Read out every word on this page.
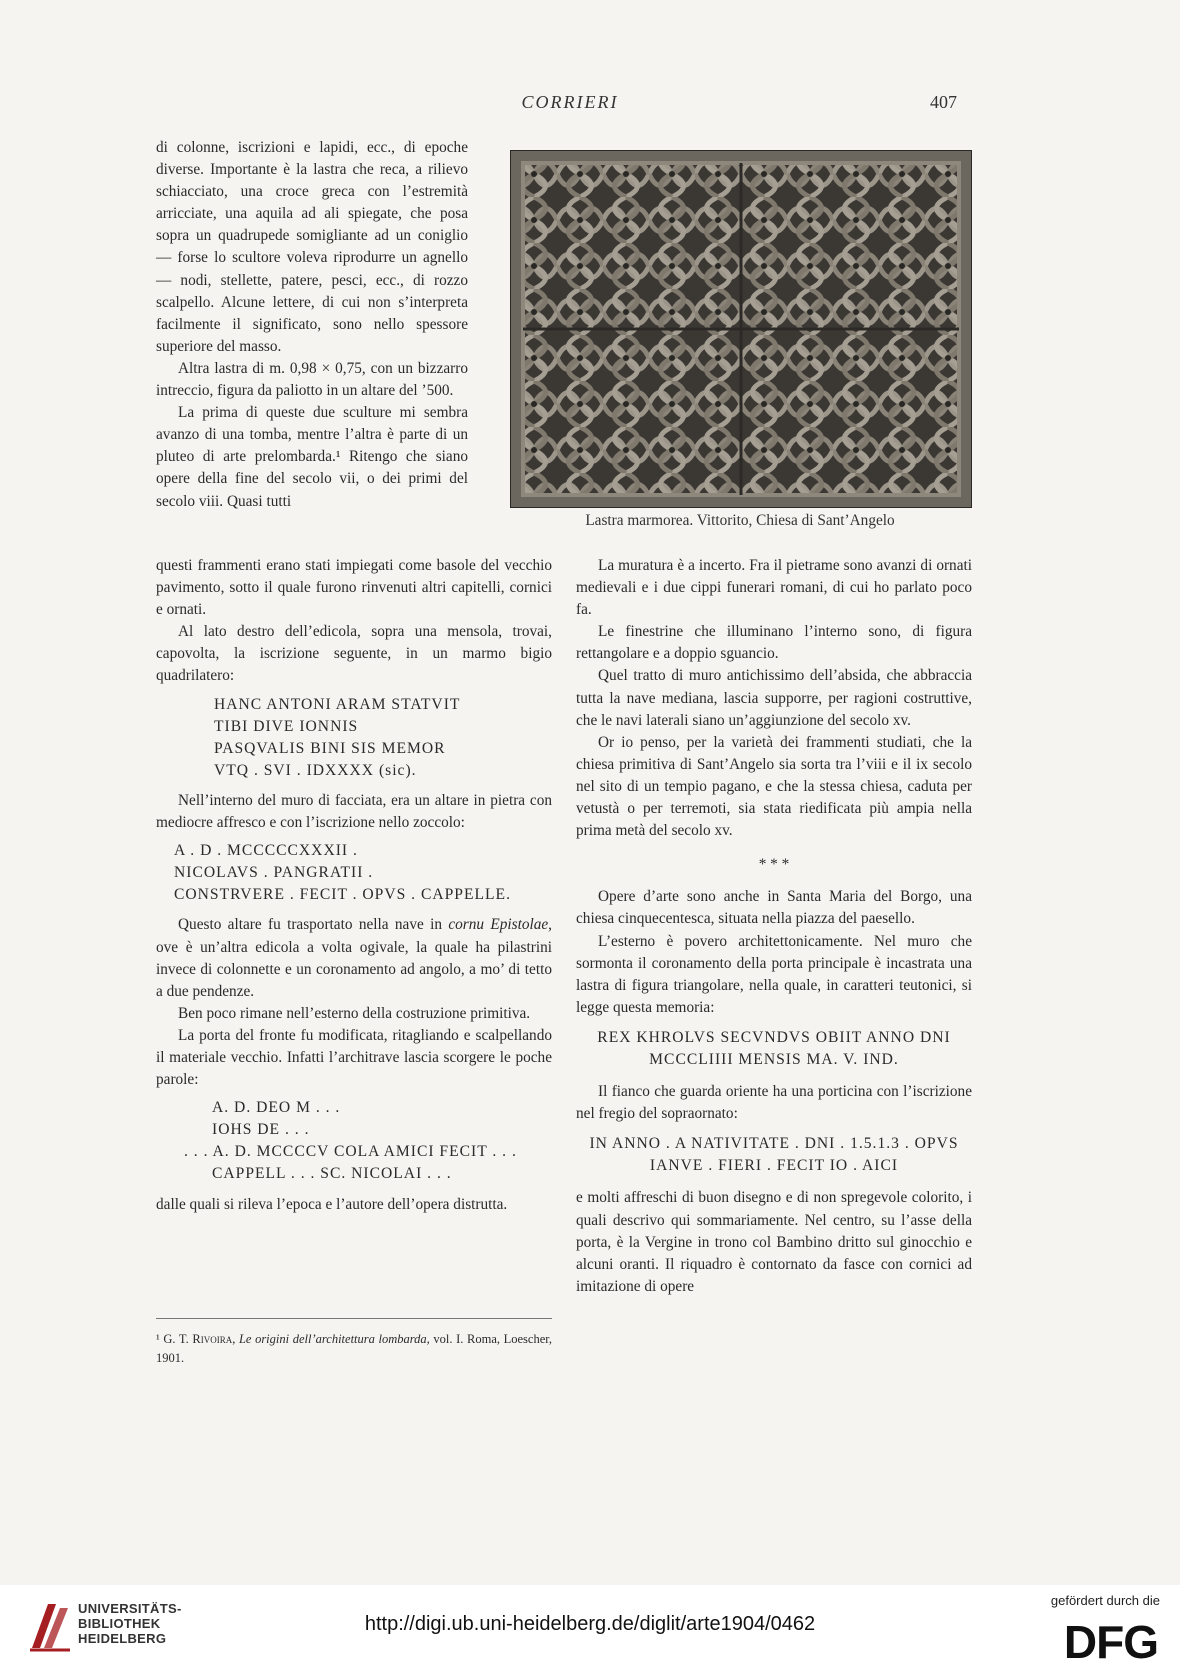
CORRIERI	407

di colonne, iscrizioni e lapidi, ecc., di epoche diverse. Importante è la lastra che reca, a rilievo schiacciato, una croce greca con l’estremità arricciate, una aquila ad ali spiegate, che posa sopra un quadrupede somigliante ad un coniglio — forse lo scultore voleva riprodurre un agnello — nodi, stellette, patere, pesci, ecc., di rozzo scalpello. Alcune lettere, di cui non s’interpreta facilmente il significato, sono nello spessore superiore del masso.

Altra lastra di m. 0,98 × 0,75, con un bizzarro intreccio, figura da paliotto in un altare del ’500.

La prima di queste due sculture mi sembra avanzo di una tomba, mentre l’altra è parte di un pluteo di arte prelombarda.¹ Ritengo che siano opere della fine del secolo vii, o dei primi del secolo viii. Quasi tutti

Lastra marmorea. Vittorito, Chiesa di Sant’Angelo

questi frammenti erano stati impiegati come basole del vecchio pavimento, sotto il quale furono rinvenuti altri capitelli, cornici e ornati.

Al lato destro dell’edicola, sopra una mensola, trovai, capovolta, la iscrizione seguente, in un marmo bigio quadrilatero:

HANC ANTONI ARAM STATVIT
TIBI DIVE IONNIS
PASQVALIS BINI SIS MEMOR
VTQ . SVI . IDXXXX (sic).

Nell’interno del muro di facciata, era un altare in pietra con mediocre affresco e con l’iscrizione nello zoccolo:

A . D . MCCCCCXXXII .
NICOLAVS . PANGRATII .
CONSTRVERE . FECIT . OPVS . CAPPELLE.

Questo altare fu trasportato nella nave in cornu Epistolae, ove è un’altra edicola a volta ogivale, la quale ha pilastrini invece di colonnette e un coronamento ad angolo, a mo’ di tetto a due pendenze.

Ben poco rimane nell’esterno della costruzione primitiva.

La porta del fronte fu modificata, ritagliando e scalpellando il materiale vecchio. Infatti l’architrave lascia scorgere le poche parole:

A. D. DEO M . . .
IOHS DE . . .
. . . A. D. MCCCCV COLA AMICI FECIT . . .
CAPPELL . . . SC. NICOLAI . . .

dalle quali si rileva l’epoca e l’autore dell’opera distrutta.

¹ G. T. Rivoira, Le origini dell’architettura lombarda, vol. I. Roma, Loescher, 1901.

La muratura è a incerto. Fra il pietrame sono avanzi di ornati medievali e i due cippi funerari romani, di cui ho parlato poco fa.

Le finestrine che illuminano l’interno sono, di figura rettangolare e a doppio sguancio.

Quel tratto di muro antichissimo dell’absida, che abbraccia tutta la nave mediana, lascia supporre, per ragioni costruttive, che le navi laterali siano un’aggiunzione del secolo xv.

Or io penso, per la varietà dei frammenti studiati, che la chiesa primitiva di Sant’Angelo sia sorta tra l’viii e il ix secolo nel sito di un tempio pagano, e che la stessa chiesa, caduta per vetustà o per terremoti, sia stata riedificata più ampia nella prima metà del secolo xv.

* * *

Opere d’arte sono anche in Santa Maria del Borgo, una chiesa cinquecentesca, situata nella piazza del paesello.

L’esterno è povero architettonicamente. Nel muro che sormonta il coronamento della porta principale è incastrata una lastra di figura triangolare, nella quale, in caratteri teutonici, si legge questa memoria:

REX KHROLVS SECVNDVS OBIIT ANNO DNI
MCCCLIIII MENSIS MA. V. IND.

Il fianco che guarda oriente ha una porticina con l’iscrizione nel fregio del sopraornato:

IN ANNO . A NATIVITATE . DNI . 1.5.1.3 . OPVS
IANVE . FIERI . FECIT IO . AICI

e molti affreschi di buon disegno e di non spregevole colorito, i quali descrivo qui sommariamente. Nel centro, su l’asse della porta, è la Vergine in trono col Bambino dritto sul ginocchio e alcuni oranti. Il riquadro è contornato da fasce con cornici ad imitazione di opere

UNIVERSITÄTS-
BIBLIOTHEK
HEIDELBERG
http://digi.ub.uni-heidelberg.de/diglit/arte1904/0462
gefördert durch die
DFG
